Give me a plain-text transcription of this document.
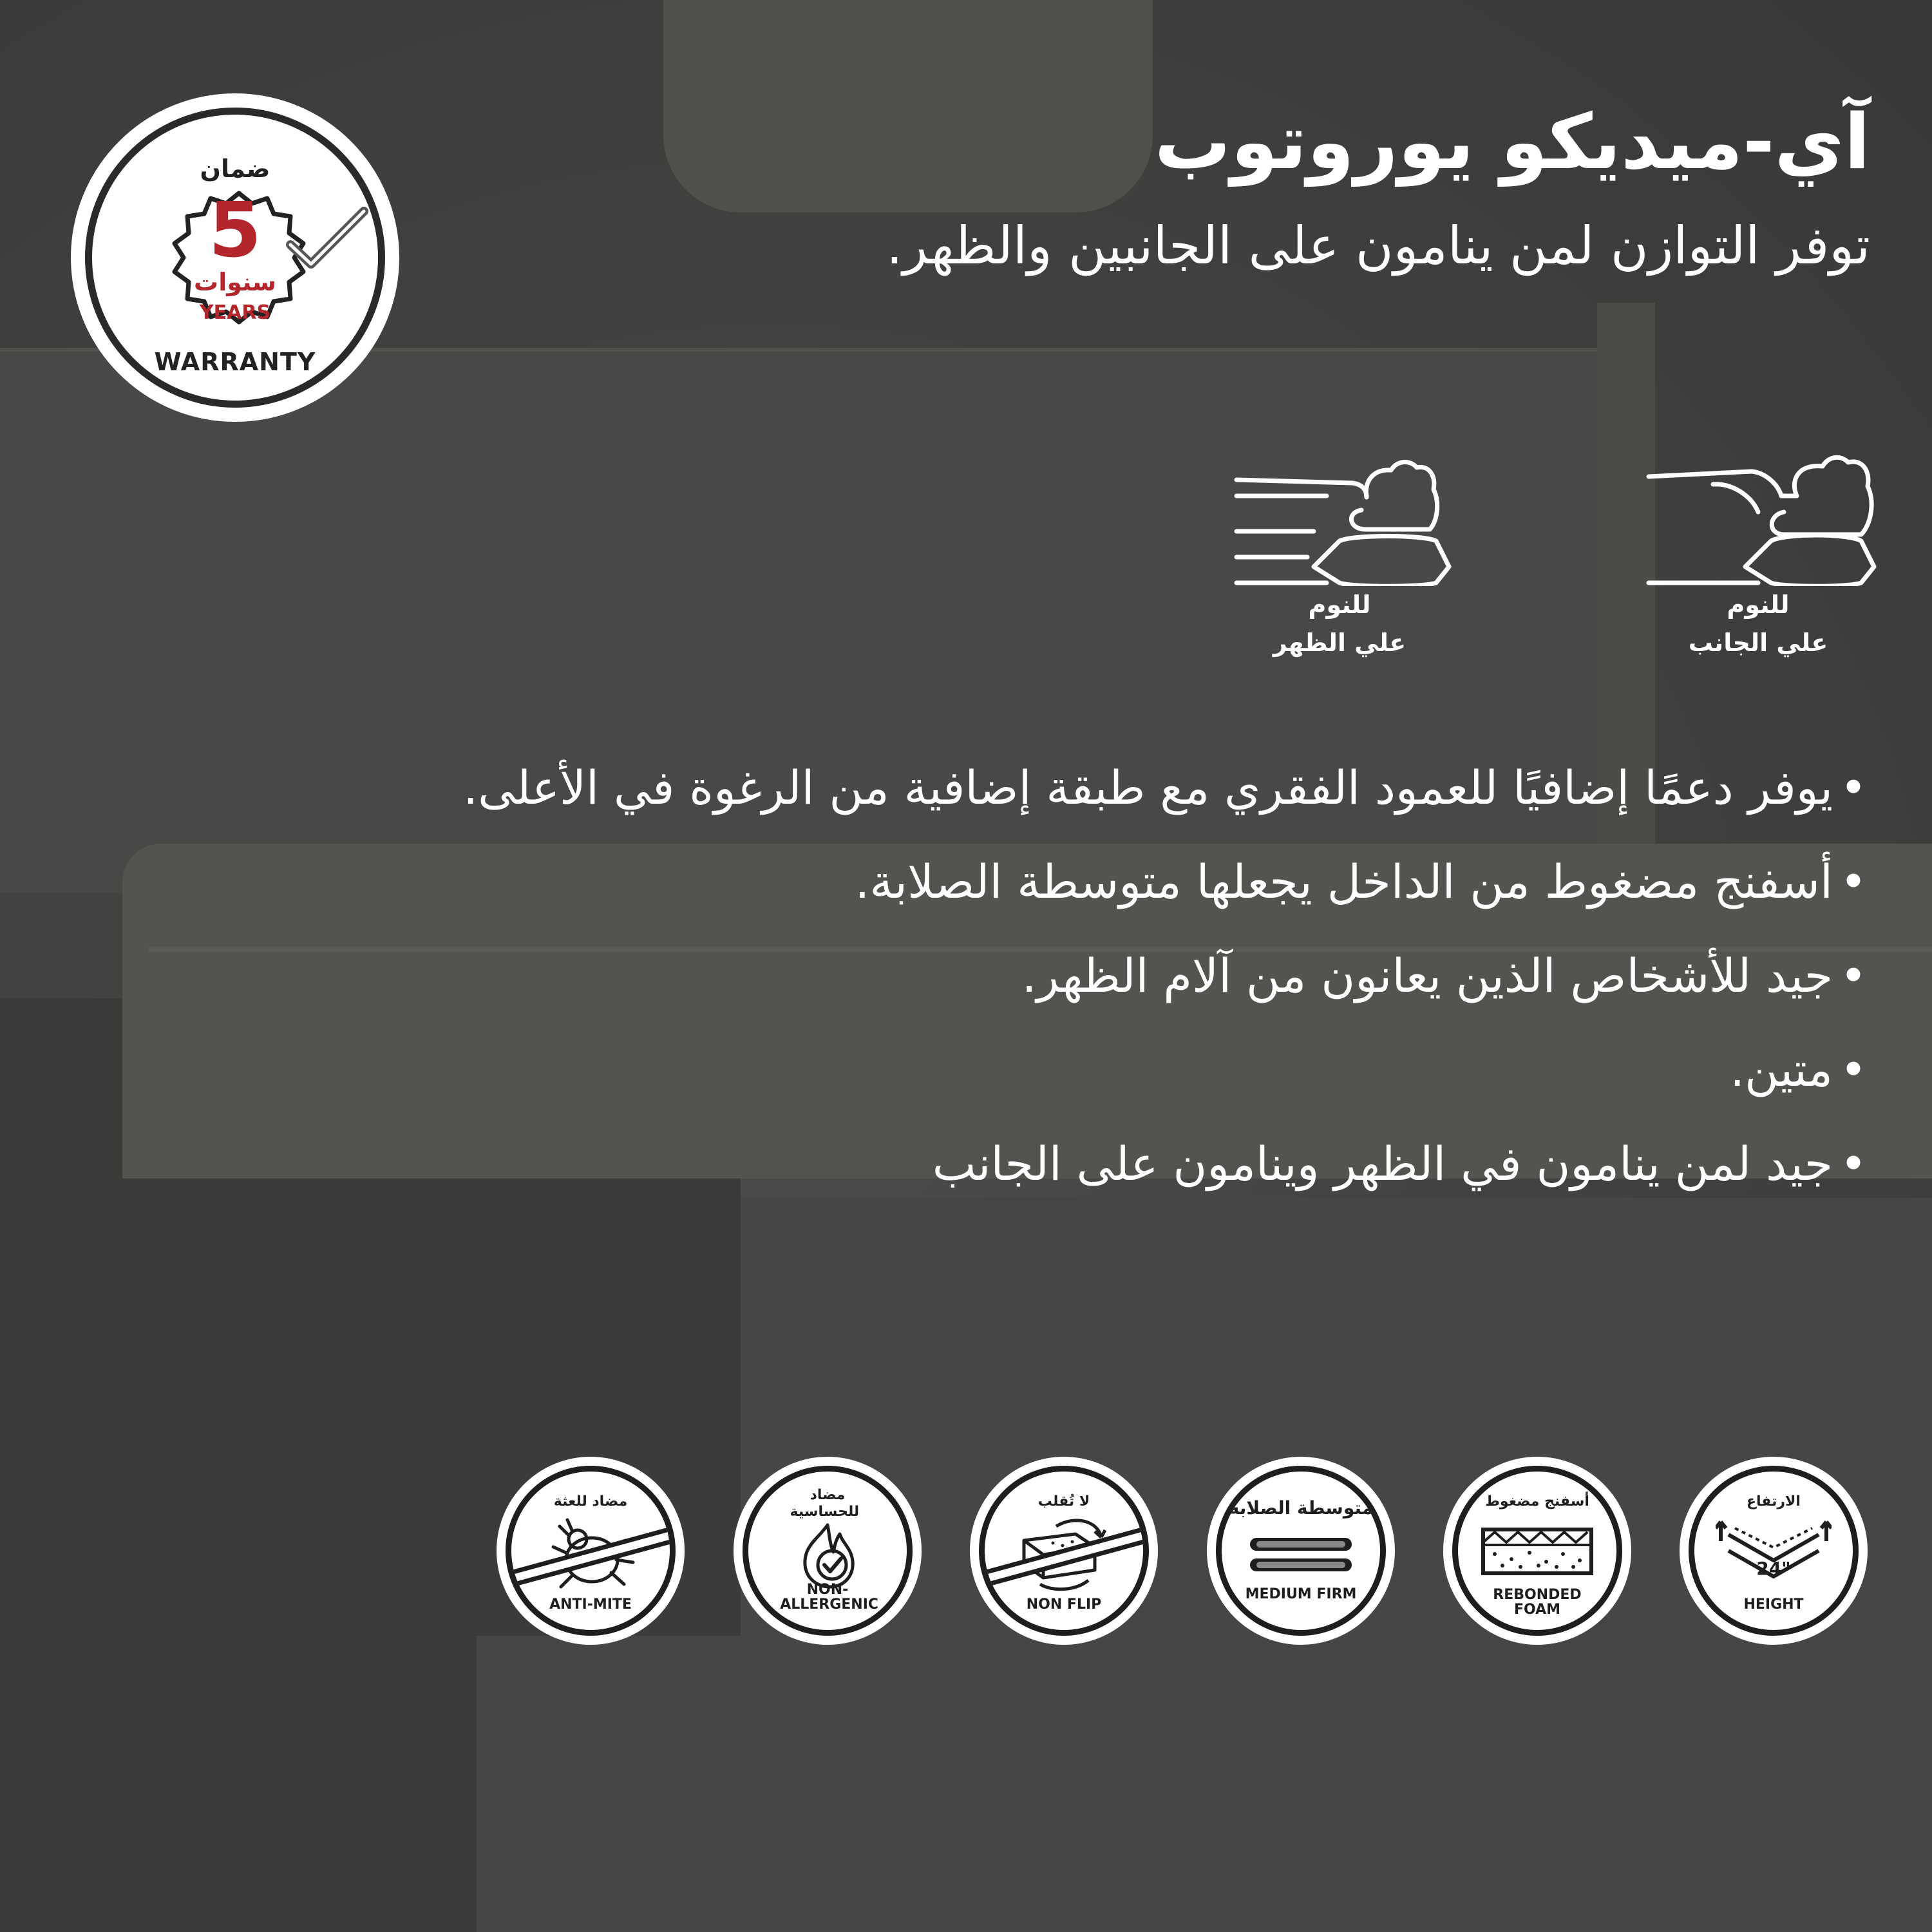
ضمان
5
سنوات
YEARS
WARRANTY
آي-ميديكو يوروتوب
توفر التوازن لمن ينامون على الجانبين والظهر.
للنوم
علي الجانب
للنوم
علي الظهر
•يوفر دعمًا إضافيًا للعمود الفقري مع طبقة إضافية من الرغوة في الأعلى.
•أسفنج مضغوط من الداخل يجعلها متوسطة الصلابة.
•جيد للأشخاص الذين يعانون من آلام الظهر.
•متين.
•جيد لمن ينامون في الظهر وينامون على الجانب
الارتفاع
24"
HEIGHT
أسفنج مضغوط
REBONDED FOAM
متوسطة الصلابة
MEDIUM FIRM
لا تُقلب
NON FLIP
مضاد للحساسية
NON-ALLERGENIC
مضاد للعثة
ANTI-MITE
